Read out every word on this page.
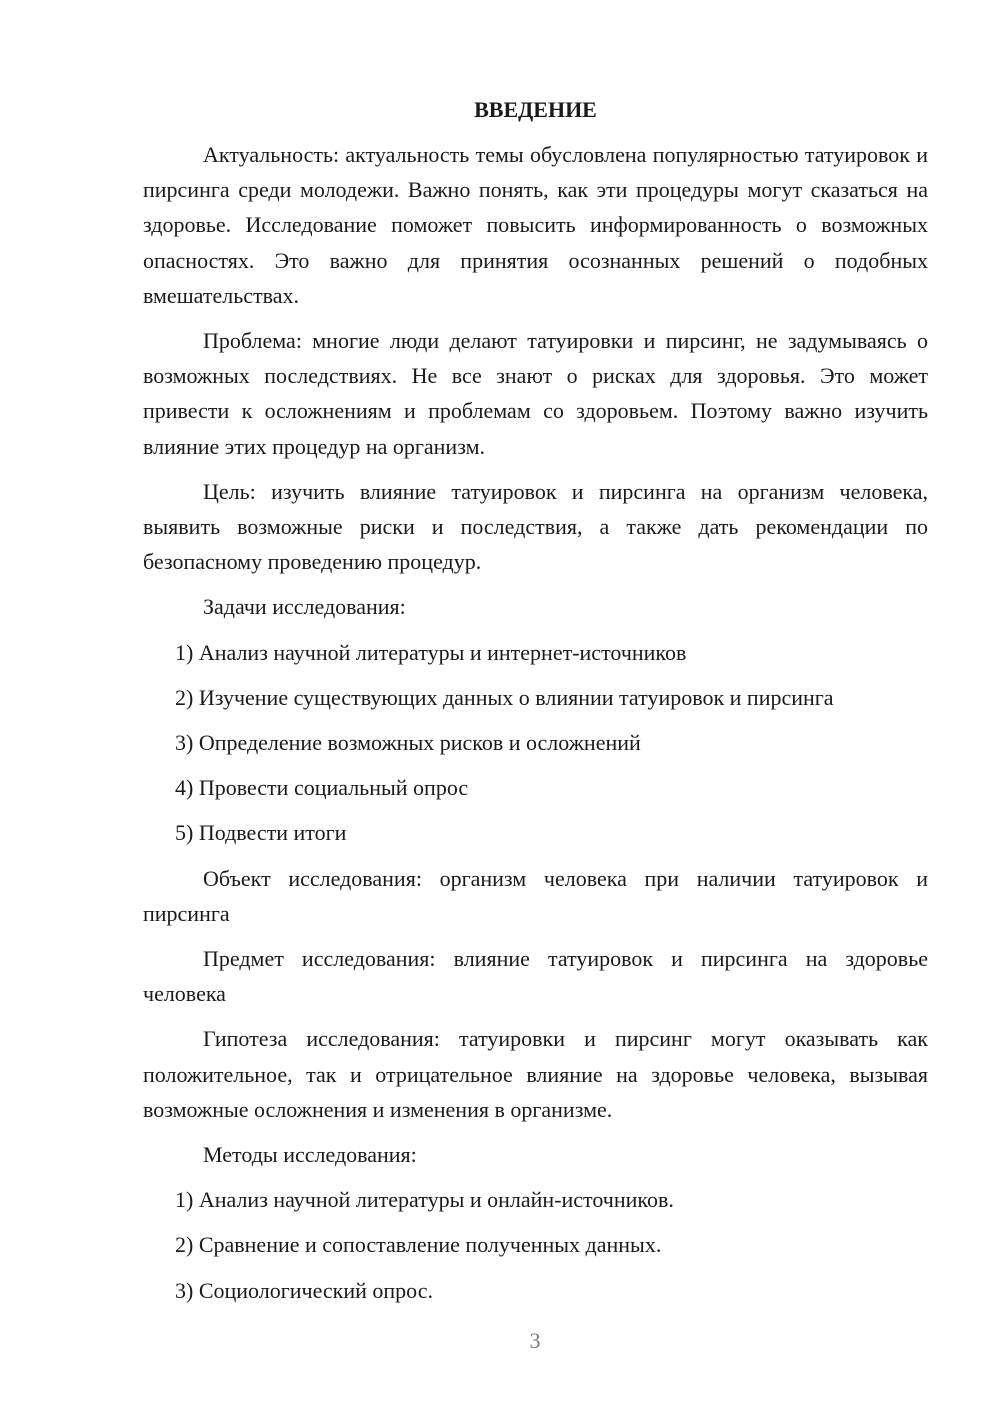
ВВЕДЕНИЕ
Актуальность: актуальность темы обусловлена популярностью татуировок и пирсинга среди молодежи. Важно понять, как эти процедуры могут сказаться на здоровье. Исследование поможет повысить информированность о возможных опасностях. Это важно для принятия осознанных решений о подобных вмешательствах.
Проблема: многие люди делают татуировки и пирсинг, не задумываясь о возможных последствиях. Не все знают о рисках для здоровья. Это может привести к осложнениям и проблемам со здоровьем. Поэтому важно изучить влияние этих процедур на организм.
Цель: изучить влияние татуировок и пирсинга на организм человека, выявить возможные риски и последствия, а также дать рекомендации по безопасному проведению процедур.
Задачи исследования:
1) Анализ научной литературы и интернет-источников
2) Изучение существующих данных о влиянии татуировок и пирсинга
3) Определение возможных рисков и осложнений
4) Провести социальный опрос
5) Подвести итоги
Объект исследования: организм человека при наличии татуировок и пирсинга
Предмет исследования: влияние татуировок и пирсинга на здоровье человека
Гипотеза исследования: татуировки и пирсинг могут оказывать как положительное, так и отрицательное влияние на здоровье человека, вызывая возможные осложнения и изменения в организме.
Методы исследования:
1) Анализ научной литературы и онлайн-источников.
2) Сравнение и сопоставление полученных данных.
3) Социологический опрос.
3
